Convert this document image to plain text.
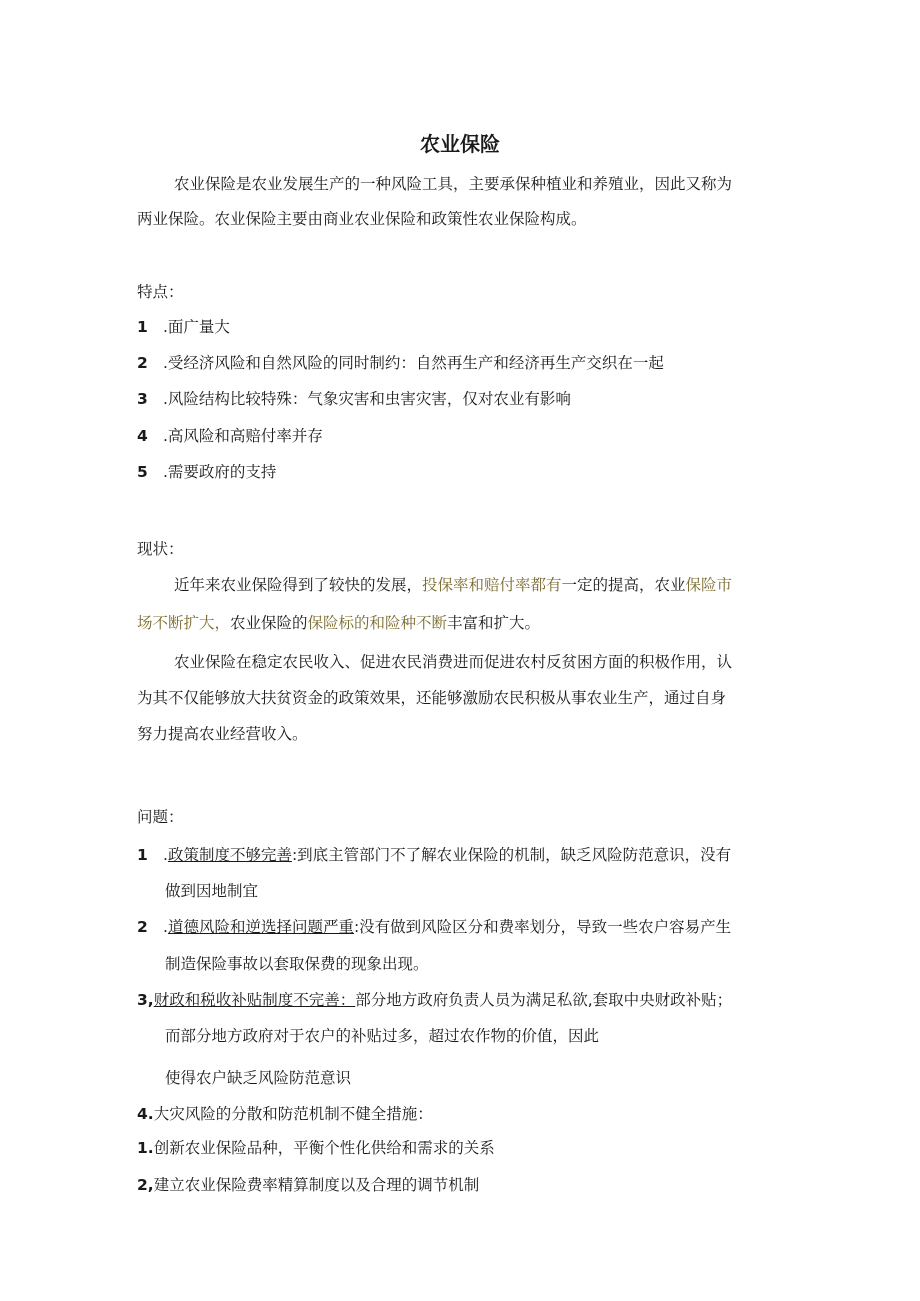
农业保险
农业保险是农业发展生产的一种风险工具，主要承保种植业和养殖业，因此又称为
两业保险。农业保险主要由商业农业保险和政策性农业保险构成。
特点：
1 .面广量大
2 .受经济风险和自然风险的同时制约：自然再生产和经济再生产交织在一起
3 .风险结构比较特殊：气象灾害和虫害灾害，仅对农业有影响
4 .高风险和高赔付率并存
5 .需要政府的支持
现状：
近年来农业保险得到了较快的发展，投保率和赔付率都有一定的提高，农业保险市
场不断扩大，农业保险的保险标的和险种不断丰富和扩大。
农业保险在稳定农民收入、促进农民消费进而促进农村反贫困方面的积极作用，认
为其不仅能够放大扶贫资金的政策效果，还能够激励农民积极从事农业生产，通过自身
努力提高农业经营收入。
问题：
1 .政策制度不够完善:到底主管部门不了解农业保险的机制，缺乏风险防范意识，没有
做到因地制宜
2 .道德风险和逆选择问题严重:没有做到风险区分和费率划分，导致一些农户容易产生
制造保险事故以套取保费的现象出现。
3,财政和税收补贴制度不完善：部分地方政府负责人员为满足私欲,套取中央财政补贴；
而部分地方政府对于农户的补贴过多，超过农作物的价值，因此
使得农户缺乏风险防范意识
4.大灾风险的分散和防范机制不健全措施：
1.创新农业保险品种，平衡个性化供给和需求的关系
2,建立农业保险费率精算制度以及合理的调节机制
